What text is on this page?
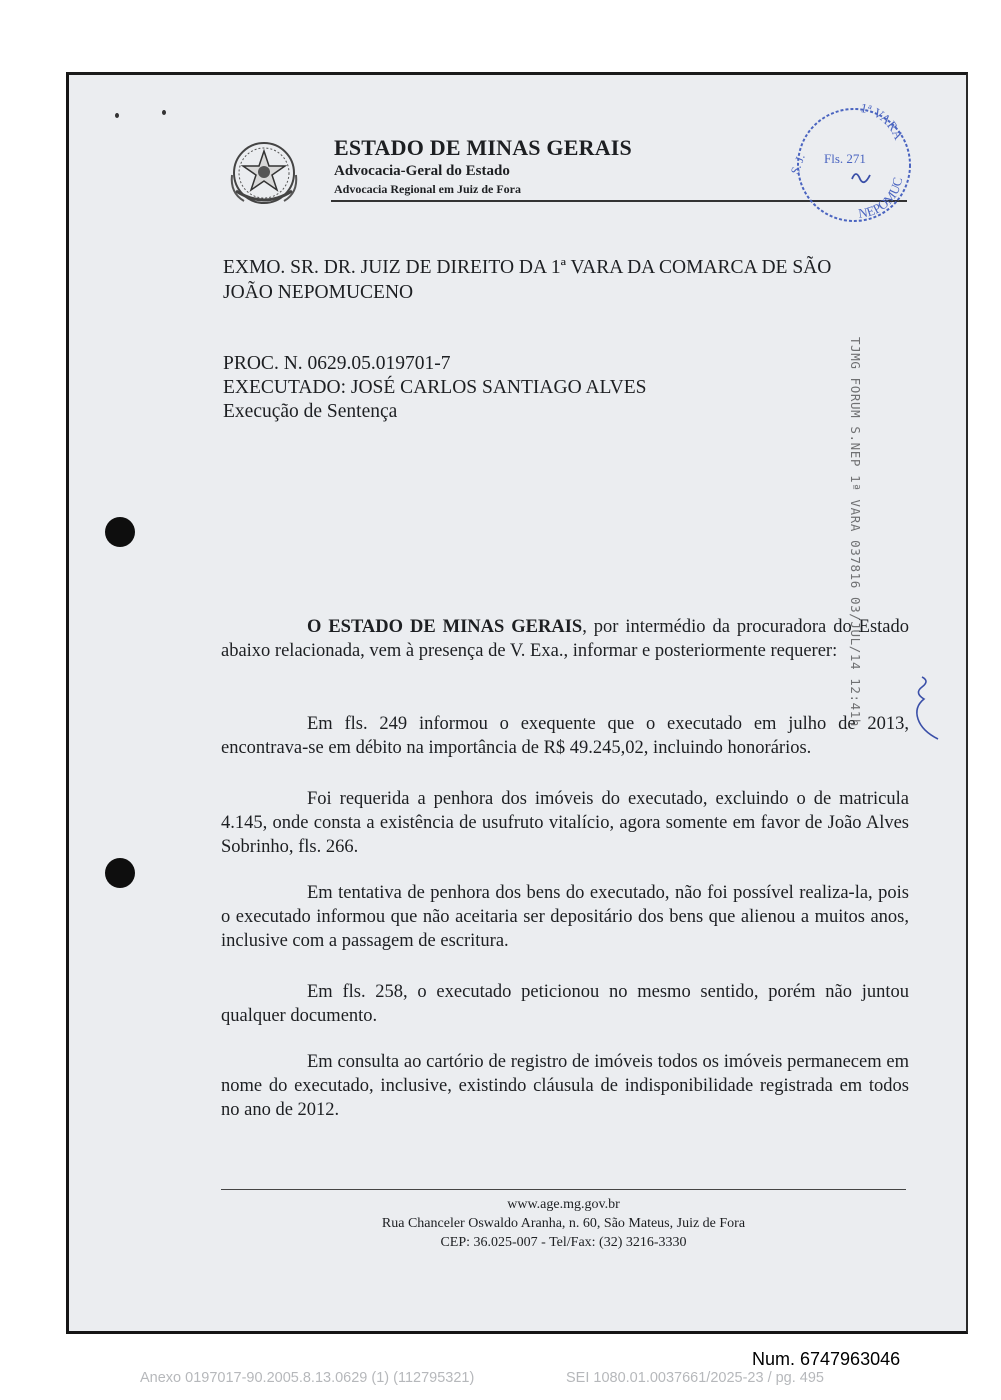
ESTADO DE MINAS GERAIS
Advocacia-Geral do Estado
Advocacia Regional em Juiz de Fora
1ª VARA
NEPOMUC
Fls. 271
S. J.
EXMO. SR. DR. JUIZ DE DIREITO DA 1ª VARA DA COMARCA DE SÃO
JOÃO NEPOMUCENO
PROC. N. 0629.05.019701-7
EXECUTADO: JOSÉ CARLOS SANTIAGO ALVES
Execução de Sentença	TJMG FORUM S.NEP 1ª VARA 037816 03/JUL/14 12:41h

O ESTADO DE MINAS GERAIS, por intermédio da procuradora do Estado abaixo relacionada, vem à presença de V. Exa., informar e posteriormente requerer:

Em fls. 249 informou o exequente que o executado em julho de 2013, encontrava-se em débito na importância de R$ 49.245,02, incluindo honorários.

Foi requerida a penhora dos imóveis do executado, excluindo o de matricula 4.145, onde consta a existência de usufruto vitalício, agora somente em favor de João Alves Sobrinho, fls. 266.

Em tentativa de penhora dos bens do executado, não foi possível realiza-la, pois o executado informou que não aceitaria ser depositário dos bens que alienou a muitos anos, inclusive com a passagem de escritura.

Em fls. 258, o executado peticionou no mesmo sentido, porém não juntou qualquer documento.

Em consulta ao cartório de registro de imóveis todos os imóveis permanecem em nome do executado, inclusive, existindo cláusula de indisponibilidade registrada em todos no ano de 2012.

www.age.mg.gov.br
Rua Chanceler Oswaldo Aranha, n. 60, São Mateus, Juiz de Fora
CEP: 36.025-007 - Tel/Fax: (32) 3216-3330
Num. 6747963046
Anexo 0197017-90.2005.8.13.0629 (1) (112795321)	SEI 1080.01.0037661/2025-23 / pg. 495
